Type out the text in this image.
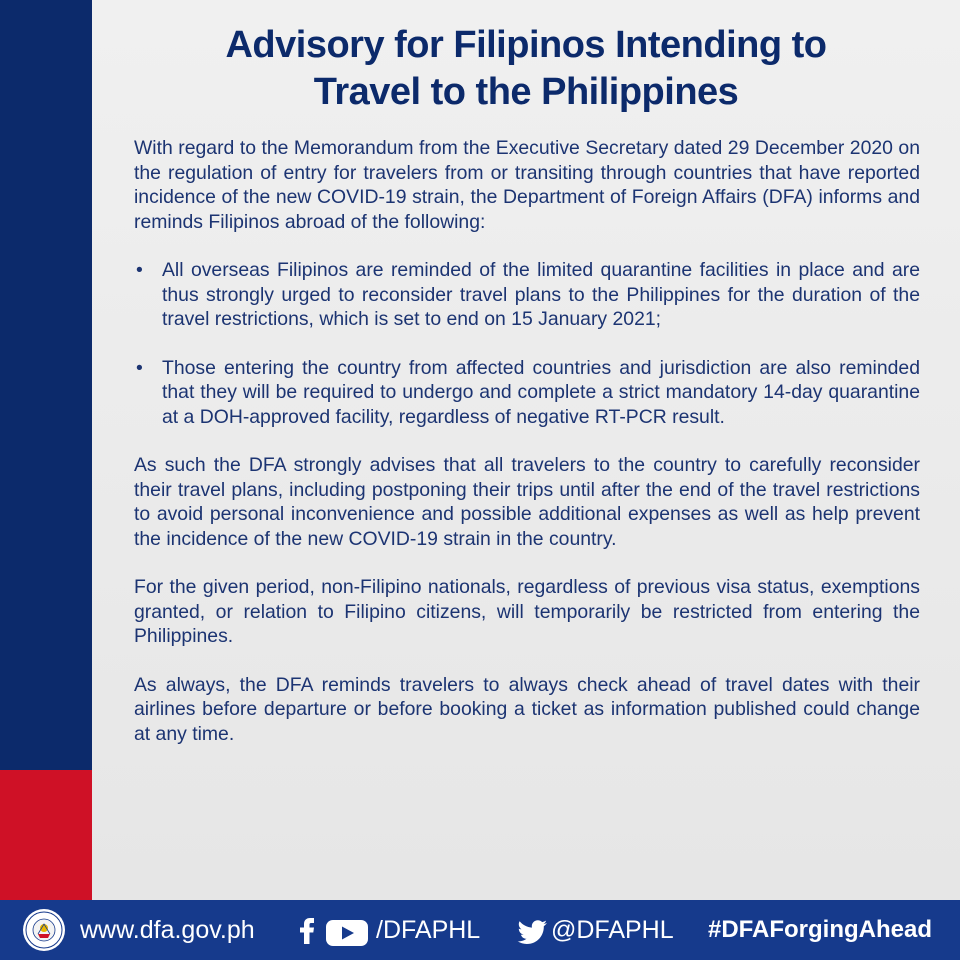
Advisory for Filipinos Intending to
Travel to the Philippines

With regard to the Memorandum from the Executive Secretary dated 29 December 2020 on the regulation of entry for travelers from or transiting through countries that have reported incidence of the new COVID-19 strain, the Department of Foreign Affairs (DFA) informs and reminds Filipinos abroad of the following:

• All overseas Filipinos are reminded of the limited quarantine facilities in place and are thus strongly urged to reconsider travel plans to the Philippines for the duration of the travel restrictions, which is set to end on 15 January 2021;
• Those entering the country from affected countries and jurisdiction are also reminded that they will be required to undergo and complete a strict mandatory 14-day quarantine at a DOH-approved facility, regardless of negative RT-PCR result.

As such the DFA strongly advises that all travelers to the country to carefully reconsider their travel plans, including postponing their trips until after the end of the travel restrictions to avoid personal inconvenience and possible additional expenses as well as help prevent the incidence of the new COVID-19 strain in the country.

For the given period, non-Filipino nationals, regardless of previous visa status, exemptions granted, or relation to Filipino citizens, will temporarily be restricted from entering the Philippines.

As always, the DFA reminds travelers to always check ahead of travel dates with their airlines before departure or before booking a ticket as information published could change at any time.

www.dfa.gov.ph	/DFAPHL	@DFAPHL #DFAForgingAhead
